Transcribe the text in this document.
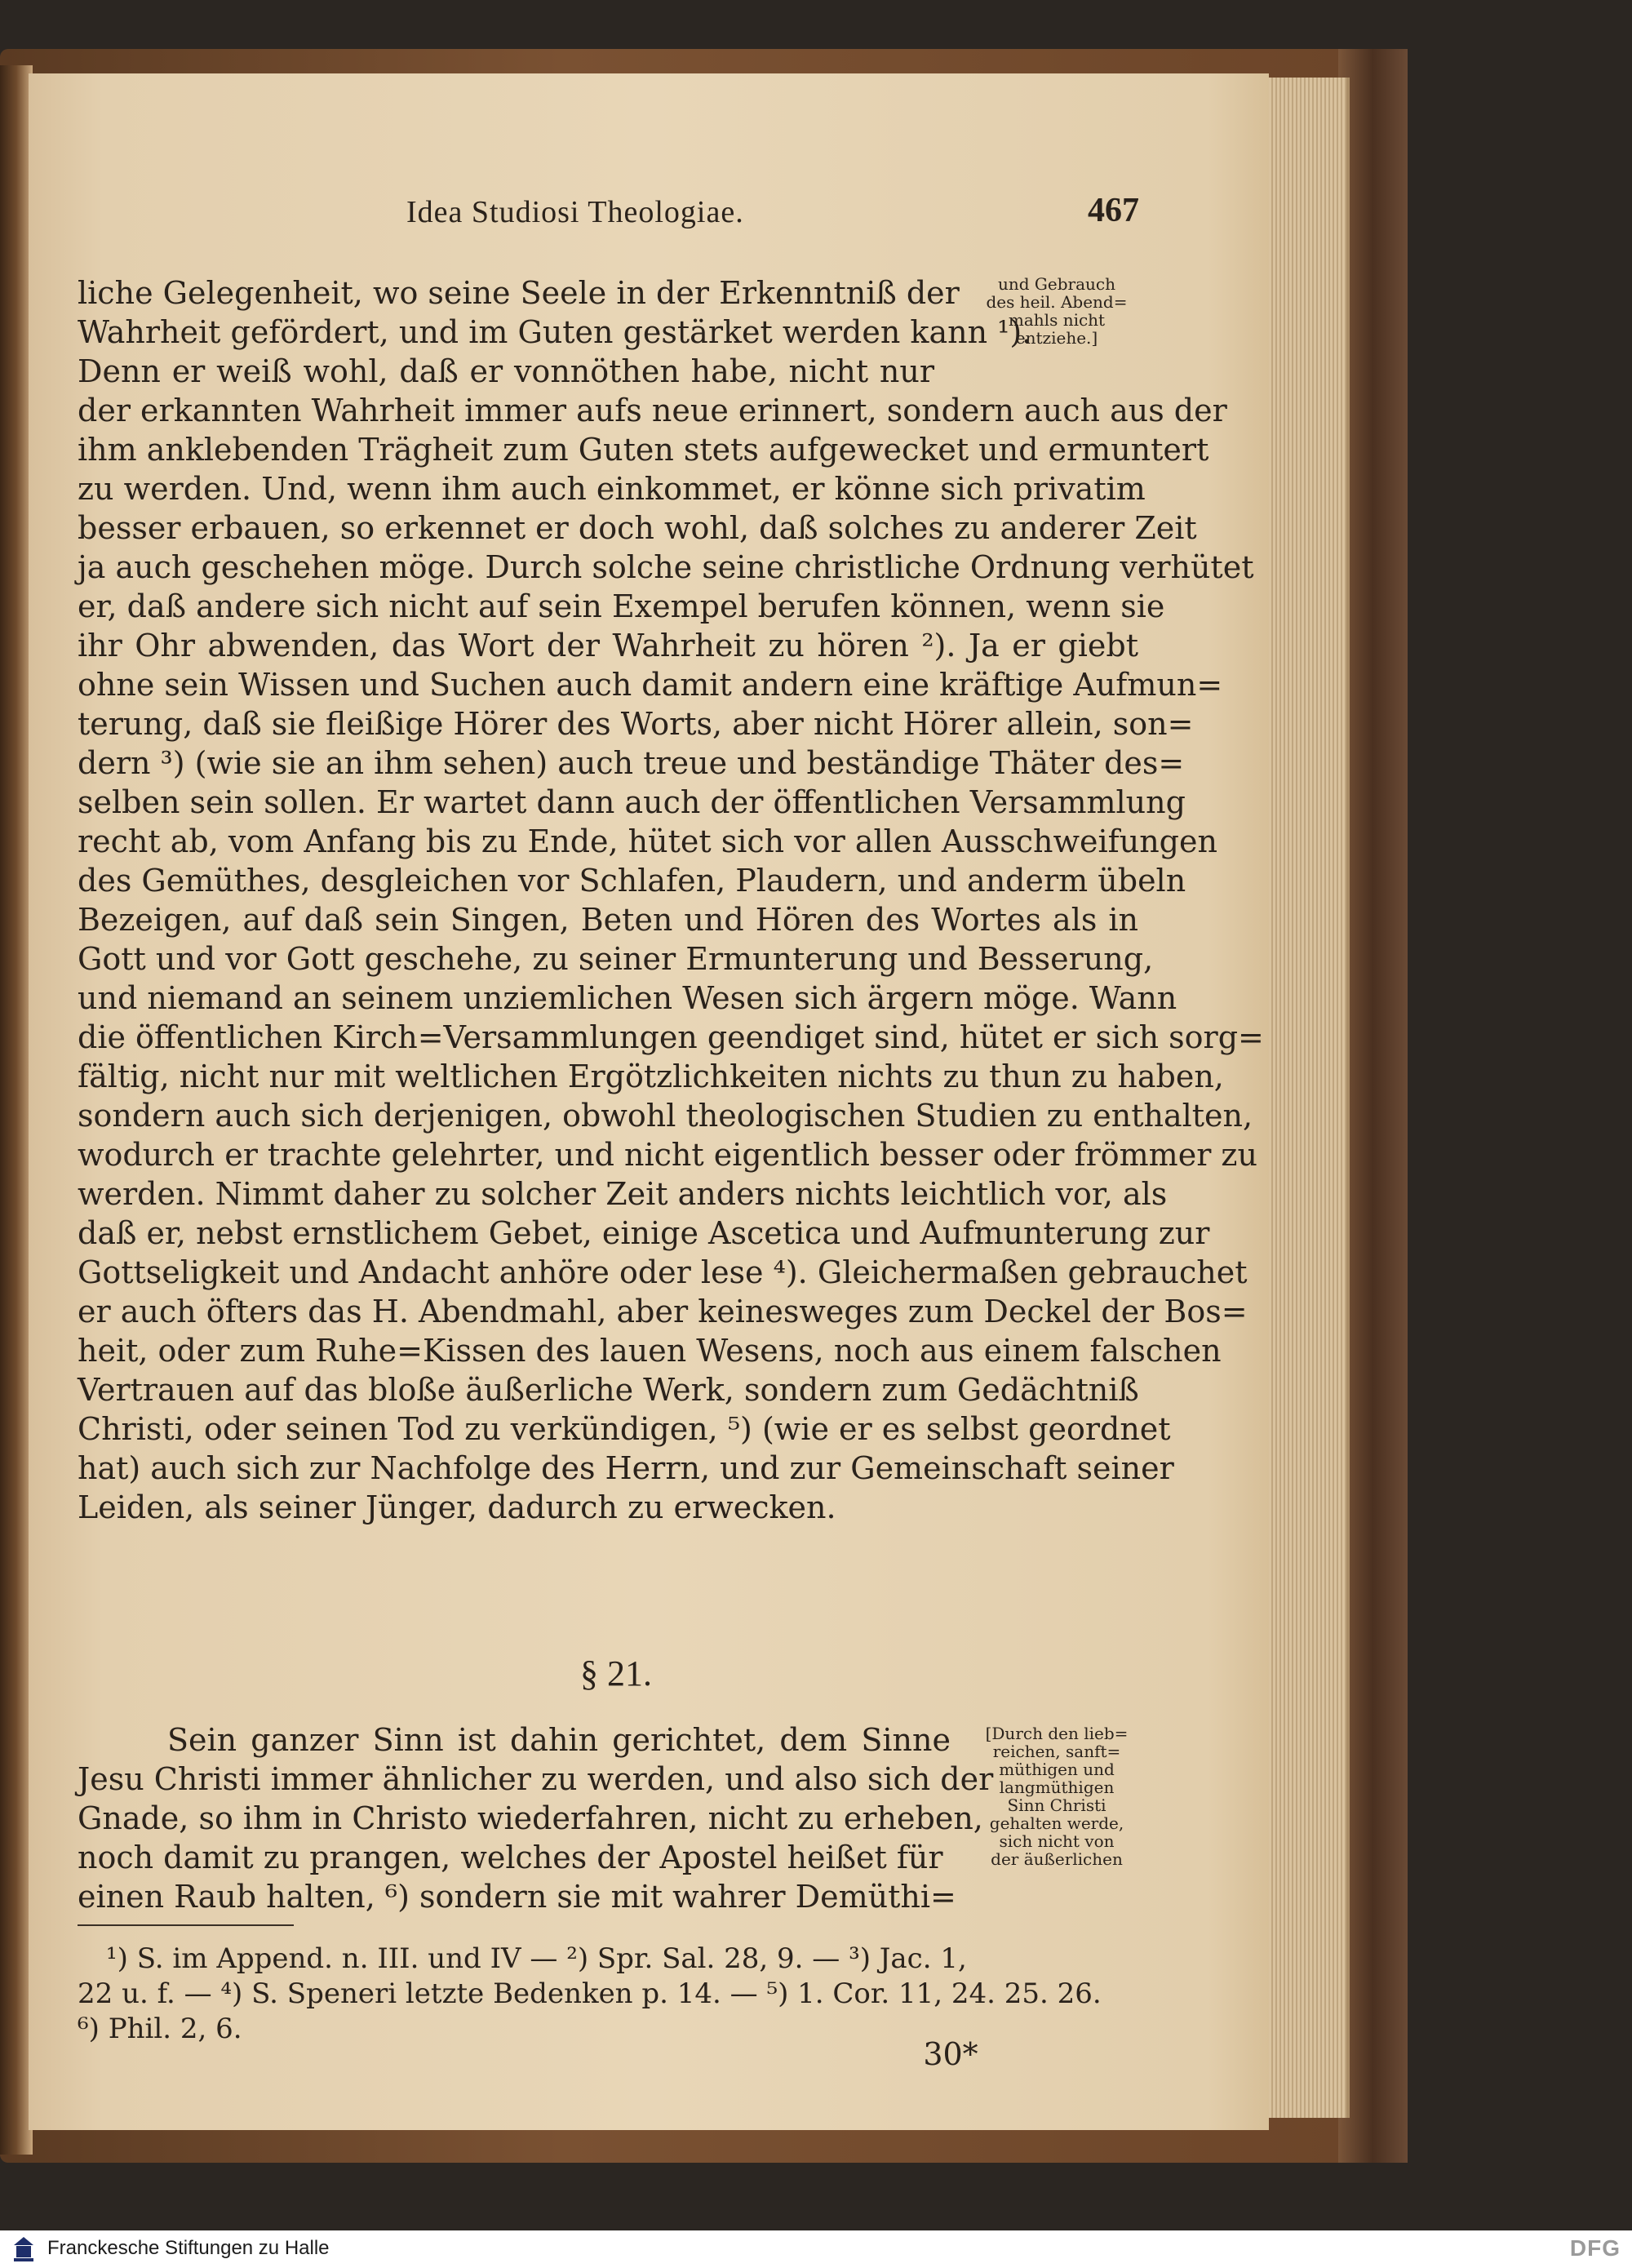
Idea Studiosi Theologiae.	467
liche Gelegenheit, wo seine Seele in der Erkenntniß der
Wahrheit gefördert, und im Guten gestärket werden kann ¹).
Denn er weiß wohl, daß er vonnöthen habe, nicht nur
der erkannten Wahrheit immer aufs neue erinnert, sondern auch aus der
ihm anklebenden Trägheit zum Guten stets aufgewecket und ermuntert
zu werden. Und, wenn ihm auch einkommet, er könne sich privatim
besser erbauen, so erkennet er doch wohl, daß solches zu anderer Zeit
ja auch geschehen möge. Durch solche seine christliche Ordnung verhütet
er, daß andere sich nicht auf sein Exempel berufen können, wenn sie
ihr Ohr abwenden, das Wort der Wahrheit zu hören ²). Ja er giebt
ohne sein Wissen und Suchen auch damit andern eine kräftige Aufmun=
terung, daß sie fleißige Hörer des Worts, aber nicht Hörer allein, son=
dern ³) (wie sie an ihm sehen) auch treue und beständige Thäter des=
selben sein sollen. Er wartet dann auch der öffentlichen Versammlung
recht ab, vom Anfang bis zu Ende, hütet sich vor allen Ausschweifungen
des Gemüthes, desgleichen vor Schlafen, Plaudern, und anderm übeln
Bezeigen, auf daß sein Singen, Beten und Hören des Wortes als in
Gott und vor Gott geschehe, zu seiner Ermunterung und Besserung,
und niemand an seinem unziemlichen Wesen sich ärgern möge. Wann
die öffentlichen Kirch=Versammlungen geendiget sind, hütet er sich sorg=
fältig, nicht nur mit weltlichen Ergötzlichkeiten nichts zu thun zu haben,
sondern auch sich derjenigen, obwohl theologischen Studien zu enthalten,
wodurch er trachte gelehrter, und nicht eigentlich besser oder frömmer zu
werden. Nimmt daher zu solcher Zeit anders nichts leichtlich vor, als
daß er, nebst ernstlichem Gebet, einige Ascetica und Aufmunterung zur
Gottseligkeit und Andacht anhöre oder lese ⁴). Gleichermaßen gebrauchet
er auch öfters das H. Abendmahl, aber keinesweges zum Deckel der Bos=
heit, oder zum Ruhe=Kissen des lauen Wesens, noch aus einem falschen
Vertrauen auf das bloße äußerliche Werk, sondern zum Gedächtniß
Christi, oder seinen Tod zu verkündigen, ⁵) (wie er es selbst geordnet
hat) auch sich zur Nachfolge des Herrn, und zur Gemeinschaft seiner
Leiden, als seiner Jünger, dadurch zu erwecken.
und Gebrauch
des heil. Abend=
mahls nicht
entziehe.]
§ 21.
Sein ganzer Sinn ist dahin gerichtet, dem Sinne
Jesu Christi immer ähnlicher zu werden, und also sich der
Gnade, so ihm in Christo wiederfahren, nicht zu erheben,
noch damit zu prangen, welches der Apostel heißet für
einen Raub halten, ⁶) sondern sie mit wahrer Demüthi=
[Durch den lieb=
reichen, sanft=
müthigen und
langmüthigen
Sinn Christi
gehalten werde,
sich nicht von
der äußerlichen
¹) S. im Append. n. III. und IV — ²) Spr. Sal. 28, 9. — ³) Jac. 1,
22 u. f. — ⁴) S. Speneri letzte Bedenken p. 14. — ⁵) 1. Cor. 11, 24. 25. 26.
⁶) Phil. 2, 6.
30*
Franckesche Stiftungen zu Halle	DFG
